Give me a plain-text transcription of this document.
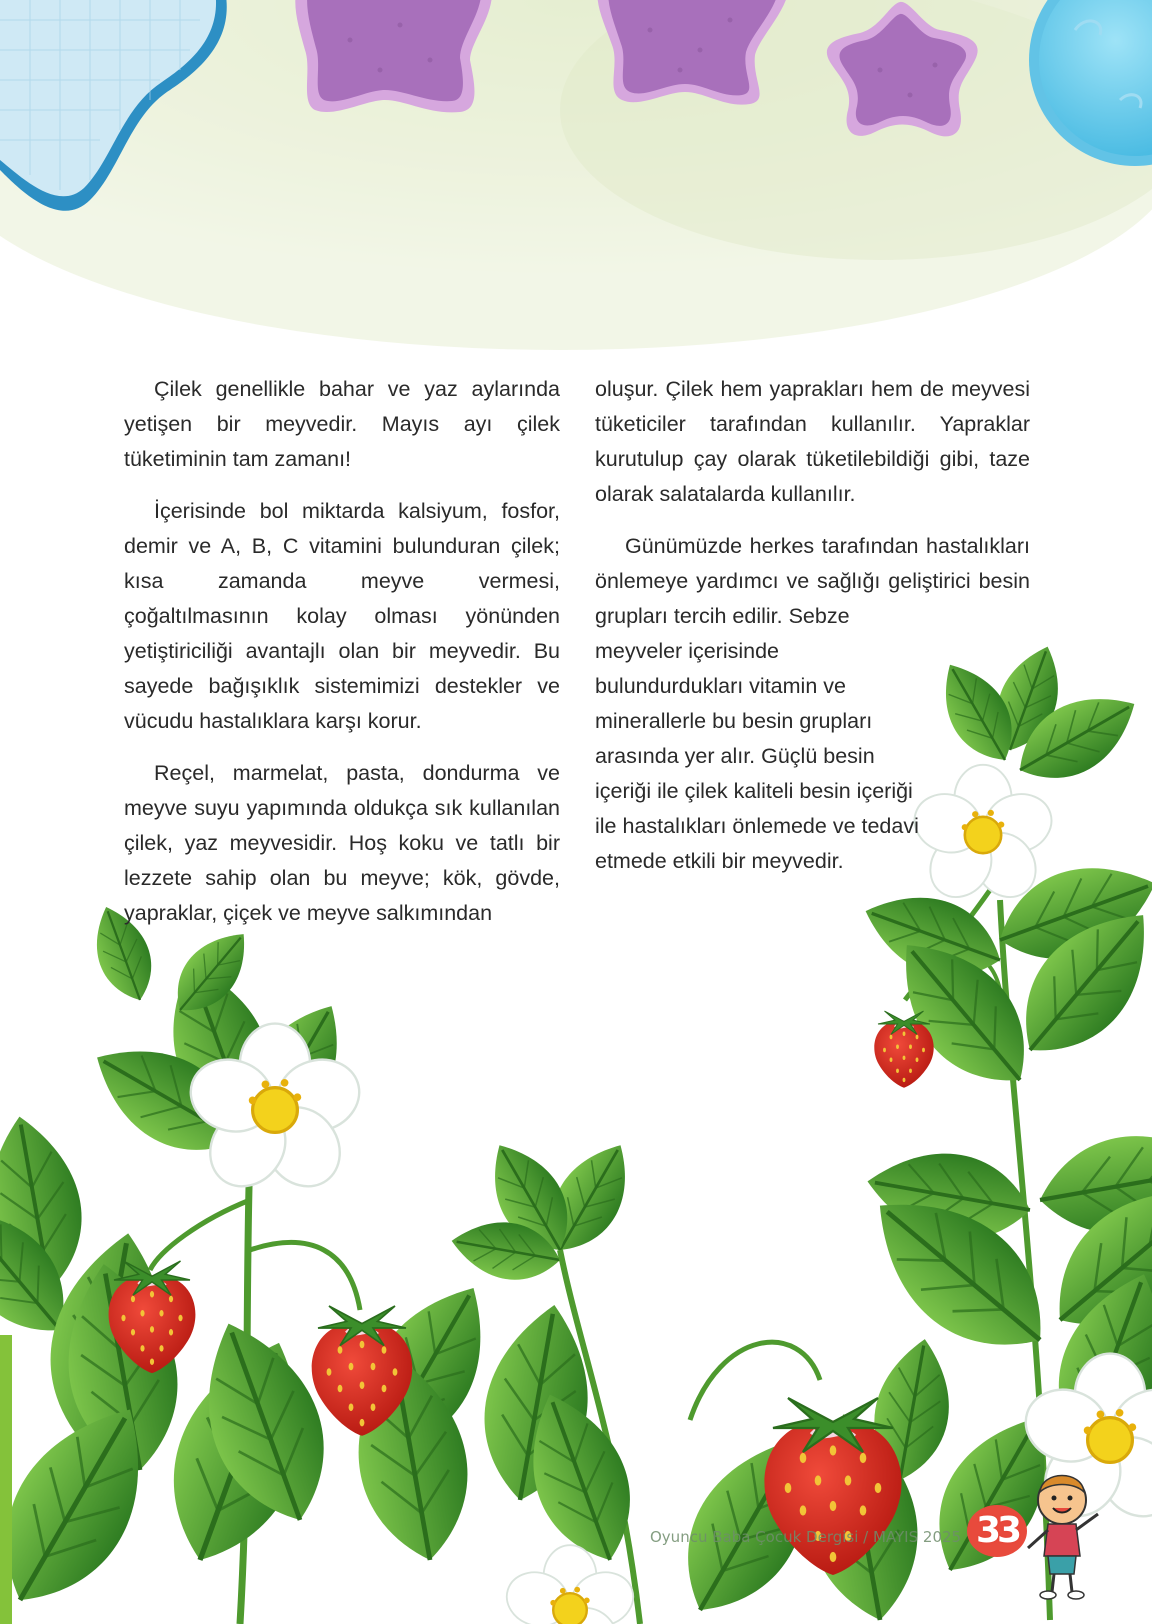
Çilek genellikle bahar ve yaz aylarında yetişen bir meyvedir. Mayıs ayı çilek tüketiminin tam zamanı!

İçerisinde bol miktarda kalsiyum, fosfor, demir ve A, B, C vitamini bulunduran çilek; kısa zamanda meyve vermesi, çoğaltılmasının kolay olması yönünden yetiştiriciliği avantajlı olan bir meyvedir. Bu sayede bağışıklık sistemimizi destekler ve vücudu hastalıklara karşı korur.

Reçel, marmelat, pasta, dondurma ve meyve suyu yapımında oldukça sık kullanılan çilek, yaz meyvesidir. Hoş koku ve tatlı bir lezzete sahip olan bu meyve; kök, gövde, yapraklar, çiçek ve meyve salkımından

oluşur. Çilek hem yaprakları hem de meyvesi tüketiciler tarafından kullanılır. Yapraklar kurutulup çay olarak tüketilebildiği gibi, taze olarak salatalarda kullanılır.

Günümüzde herkes tarafından hastalıkları önlemeye yardımcı ve sağlığı geliştirici besin grupları tercih edilir. Sebze

meyveler içerisinde bulundurdukları vitamin ve minerallerle bu besin grupları arasında yer alır. Güçlü besin içeriği ile çilek kaliteli besin içeriği ile hastalıkları önlemede ve tedavi etmede etkili bir meyvedir.

Oyuncu Baba Çocuk Dergisi / MAYIS 2025 33
